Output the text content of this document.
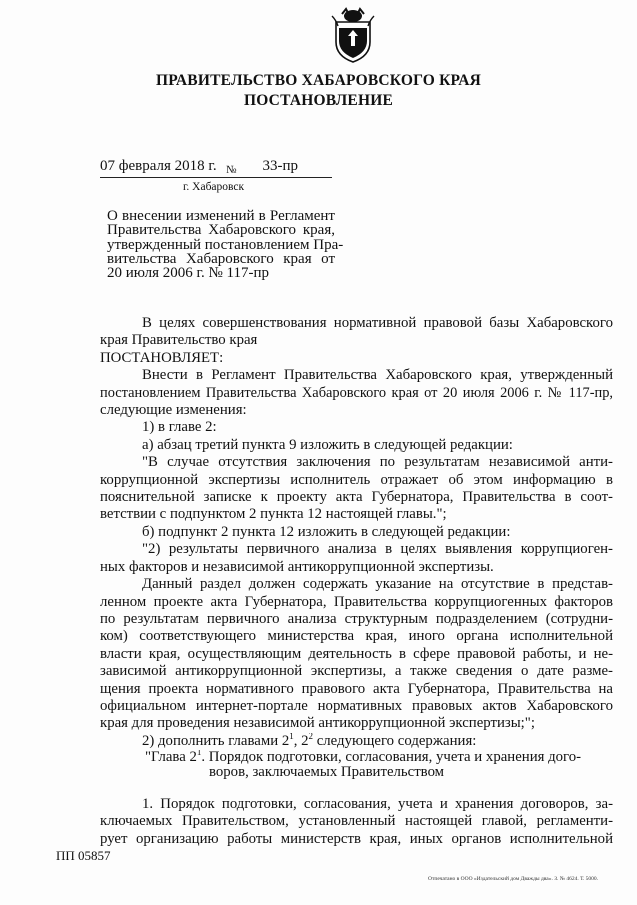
ПРАВИТЕЛЬСТВО ХАБАРОВСКОГО КРАЯ
ПОСТАНОВЛЕНИЕ
07 февраля 2018 г. $_№$ 33-пр
г. Хабаровск
О внесении изменений в Регламент
Правительства Хабаровского края,
утвержденный постановлением Пра-
вительства Хабаровского края от
20 июля 2006 г. № 117-пр
В целях совершенствования нормативной правовой базы Хабаровского
края Правительство края
ПОСТАНОВЛЯЕТ:
Внести в Регламент Правительства Хабаровского края, утвержденный
постановлением Правительства Хабаровского края от 20 июля 2006 г. № 117-пр,
следующие изменения:
1) в главе 2:
а) абзац третий пункта 9 изложить в следующей редакции:
"В случае отсутствия заключения по результатам независимой анти-
коррупционной экспертизы исполнитель отражает об этом информацию в
пояснительной записке к проекту акта Губернатора, Правительства в соот-
ветствии с подпунктом 2 пункта 12 настоящей главы.";
б) подпункт 2 пункта 12 изложить в следующей редакции:
"2) результаты первичного анализа в целях выявления коррупциоген-
ных факторов и независимой антикоррупционной экспертизы.
Данный раздел должен содержать указание на отсутствие в представ-
ленном проекте акта Губернатора, Правительства коррупциогенных факторов
по результатам первичного анализа структурным подразделением (сотрудни-
ком) соответствующего министерства края, иного органа исполнительной
власти края, осуществляющим деятельность в сфере правовой работы, и не-
зависимой антикоррупционной экспертизы, а также сведения о дате разме-
щения проекта нормативного правового акта Губернатора, Правительства на
официальном интернет-портале нормативных правовых актов Хабаровского
края для проведения независимой антикоррупционной экспертизы;";
2) дополнить главами $2^1$, $2^2$ следующего содержания:
"Глава $2^1$. Порядок подготовки, согласования, учета и хранения дого-
воров, заключаемых Правительством
1. Порядок подготовки, согласования, учета и хранения договоров, за-
ключаемых Правительством, установленный настоящей главой, регламенти-
рует организацию работы министерств края, иных органов исполнительной
ПП 05857
Отпечатано в ООО «Издательский дом Дважды два». З. № 4624. Т. 5000.
